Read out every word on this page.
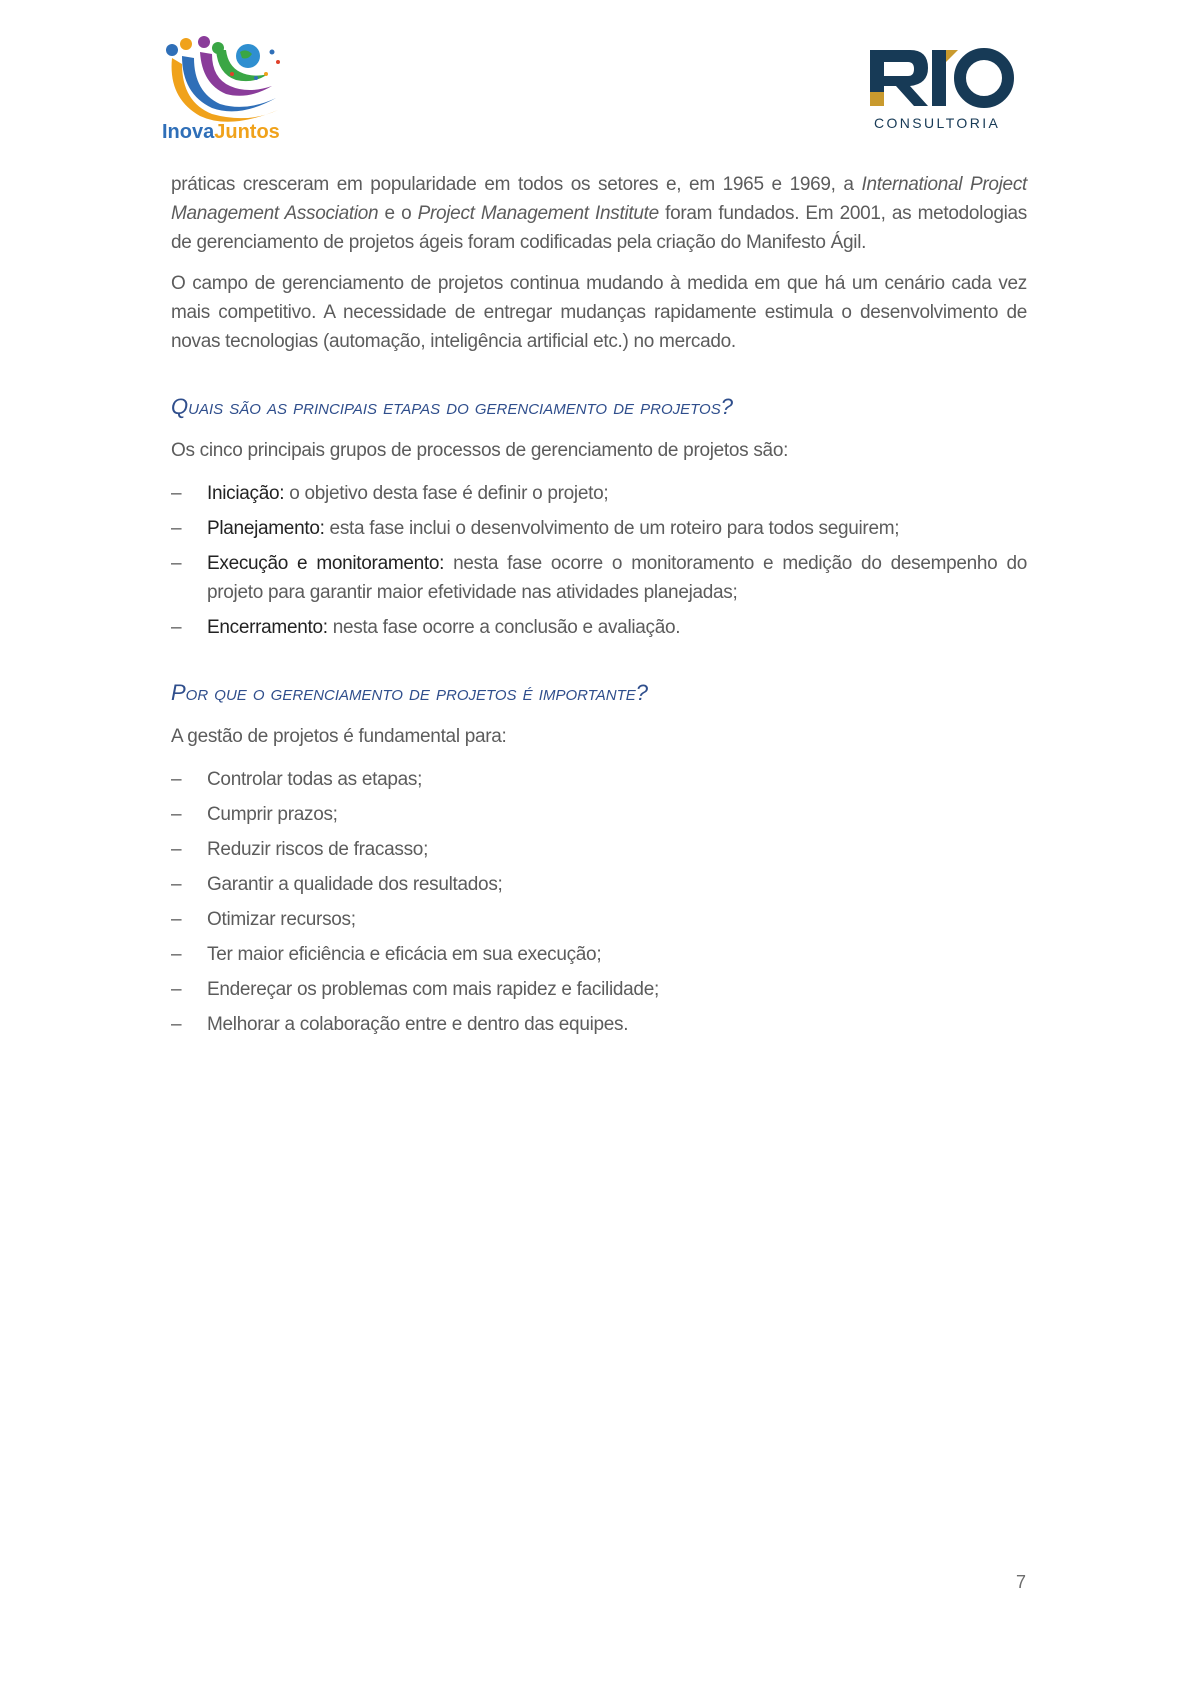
InovaJuntos	CONSULTORIA

práticas cresceram em popularidade em todos os setores e, em 1965 e 1969, a International Project Management Association e o Project Management Institute foram fundados. Em 2001, as metodologias de gerenciamento de projetos ágeis foram codificadas pela criação do Manifesto Ágil.

O campo de gerenciamento de projetos continua mudando à medida em que há um cenário cada vez mais competitivo. A necessidade de entregar mudanças rapidamente estimula o desenvolvimento de novas tecnologias (automação, inteligência artificial etc.) no mercado.

Quais são as principais etapas do gerenciamento de projetos?

Os cinco principais grupos de processos de gerenciamento de projetos são:

– Iniciação: o objetivo desta fase é definir o projeto;
– Planejamento: esta fase inclui o desenvolvimento de um roteiro para todos seguirem;
– Execução e monitoramento: nesta fase ocorre o monitoramento e medição do desempenho do projeto para garantir maior efetividade nas atividades planejadas;
– Encerramento: nesta fase ocorre a conclusão e avaliação.
Por que o gerenciamento de projetos é importante?

A gestão de projetos é fundamental para:

– Controlar todas as etapas;
– Cumprir prazos;
– Reduzir riscos de fracasso;
– Garantir a qualidade dos resultados;
– Otimizar recursos;
– Ter maior eficiência e eficácia em sua execução;
– Endereçar os problemas com mais rapidez e facilidade;
– Melhorar a colaboração entre e dentro das equipes.
7
